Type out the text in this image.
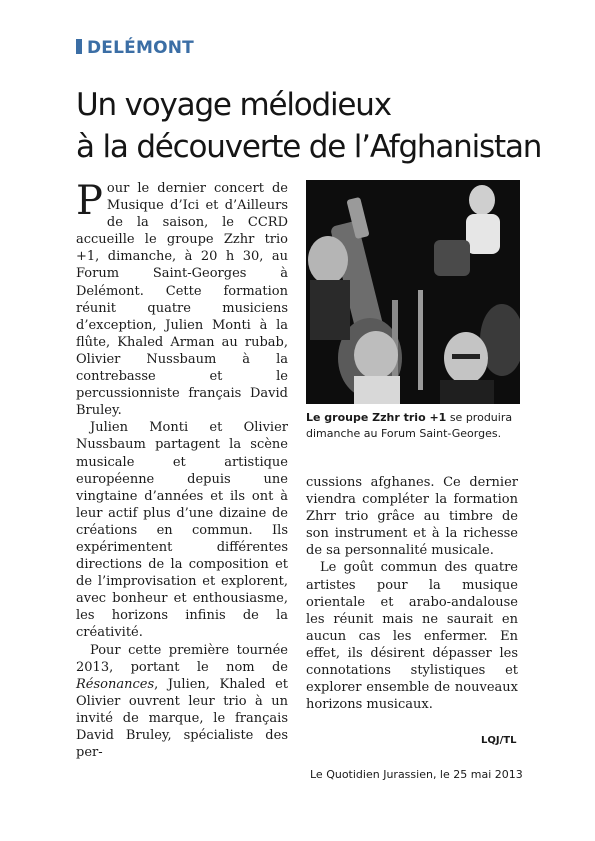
DELÉMONT
Un voyage mélodieux
à la découverte de l’Afghanistan

Pour le dernier concert de Musique d’Ici et d’Ailleurs de la saison, le CCRD accueille le groupe Zzhr trio +1, dimanche, à 20 h 30, au Forum Saint-Georges à Delémont. Cette formation réunit quatre musiciens d’exception, Julien Monti à la flûte, Khaled Arman au rubab, Olivier Nussbaum à la contrebasse et le percussionniste français David Bruley.

Julien Monti et Olivier Nussbaum partagent la scène musicale et artistique européenne depuis une vingtaine d’années et ils ont à leur actif plus d’une dizaine de créations en commun. Ils expérimentent différentes directions de la composition et de l’improvisation et explorent, avec bonheur et enthousiasme, les horizons infinis de la créativité.

Pour cette première tournée 2013, portant le nom de Résonances, Julien, Khaled et Olivier ouvrent leur trio à un invité de marque, le français David Bruley, spécialiste des per-

Le groupe Zzhr trio +1 se produira dimanche au Forum Saint-Georges.

cussions afghanes. Ce dernier viendra compléter la formation Zhrr trio grâce au timbre de son instrument et à la richesse de sa personnalité musicale.

Le goût commun des quatre artistes pour la musique orientale et arabo-andalouse les réunit mais ne saurait en aucun cas les enfermer. En effet, ils désirent dépasser les connotations stylistiques et explorer ensemble de nouveaux horizons musicaux.

LQJ/TL
Le Quotidien Jurassien, le 25 mai 2013
